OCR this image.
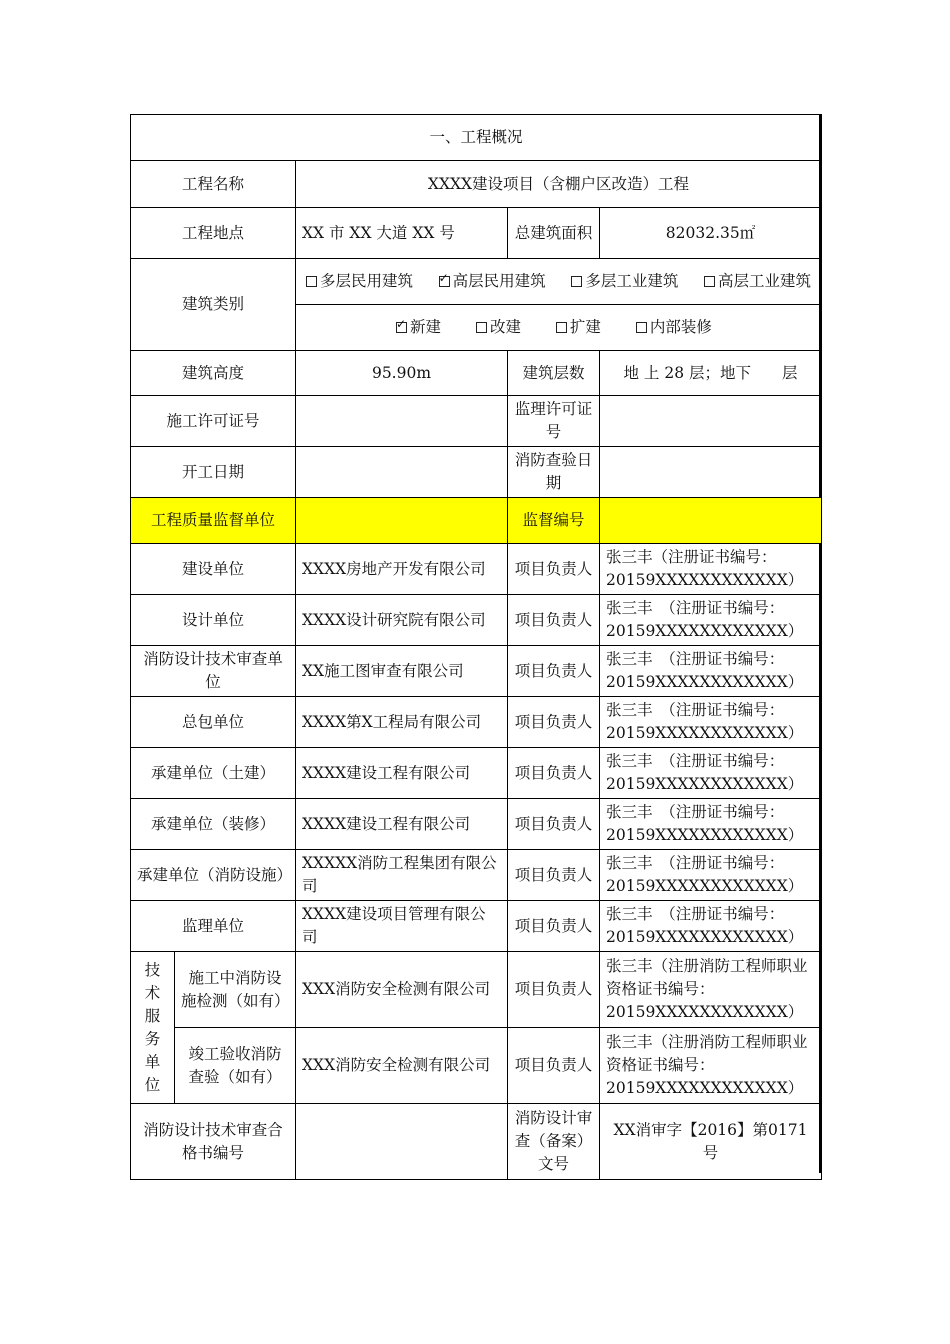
一、工程概况				
工程名称		XXXX建设项目（含棚户区改造）工程		
工程地点		XX 市 XX 大道 XX 号	总建筑面积	82032.35㎡
建筑类别		多层民用建筑 ✓ 高层民用建筑 多层工业建筑 高层工业建筑

✓新建 改建 扩建 内部装修

建筑高度		95.90m	建筑层数	地 上 28 层；地下　　层
施工许可证号			监理许可证号	
开工日期			消防查验日期	
工程质量监督单位			监督编号	
建设单位		XXXX房地产开发有限公司	项目负责人	张三丰（注册证书编号：20159XXXXXXXXXXXX）
设计单位		XXXX设计研究院有限公司	项目负责人	张三丰　（注册证书编号：20159XXXXXXXXXXXX）
消防设计技术审查单位		XX施工图审查有限公司	项目负责人	张三丰　（注册证书编号：20159XXXXXXXXXXXX）
总包单位		XXXX第X工程局有限公司	项目负责人	张三丰　（注册证书编号：20159XXXXXXXXXXXX）
承建单位（土建）		XXXX建设工程有限公司	项目负责人	张三丰　（注册证书编号：20159XXXXXXXXXXXX）
承建单位（装修）		XXXX建设工程有限公司	项目负责人	张三丰　（注册证书编号：20159XXXXXXXXXXXX）
承建单位（消防设施）		XXXXX消防工程集团有限公司	项目负责人	张三丰　（注册证书编号：20159XXXXXXXXXXXX）
监理单位		XXXX建设项目管理有限公司	项目负责人	张三丰　（注册证书编号：20159XXXXXXXXXXXX）

技术服务单位	施工中消防设施检测（如有）	XXX消防安全检测有限公司	项目负责人	张三丰（注册消防工程师职业资格证书编号：20159XXXXXXXXXXXX）
	竣工验收消防查验（如有）	XXX消防安全检测有限公司	项目负责人	张三丰（注册消防工程师职业资格证书编号：20159XXXXXXXXXXXX）
消防设计技术审查合格书编号			消防设计审查（备案）文号	XX消审字【2016】第0171号
